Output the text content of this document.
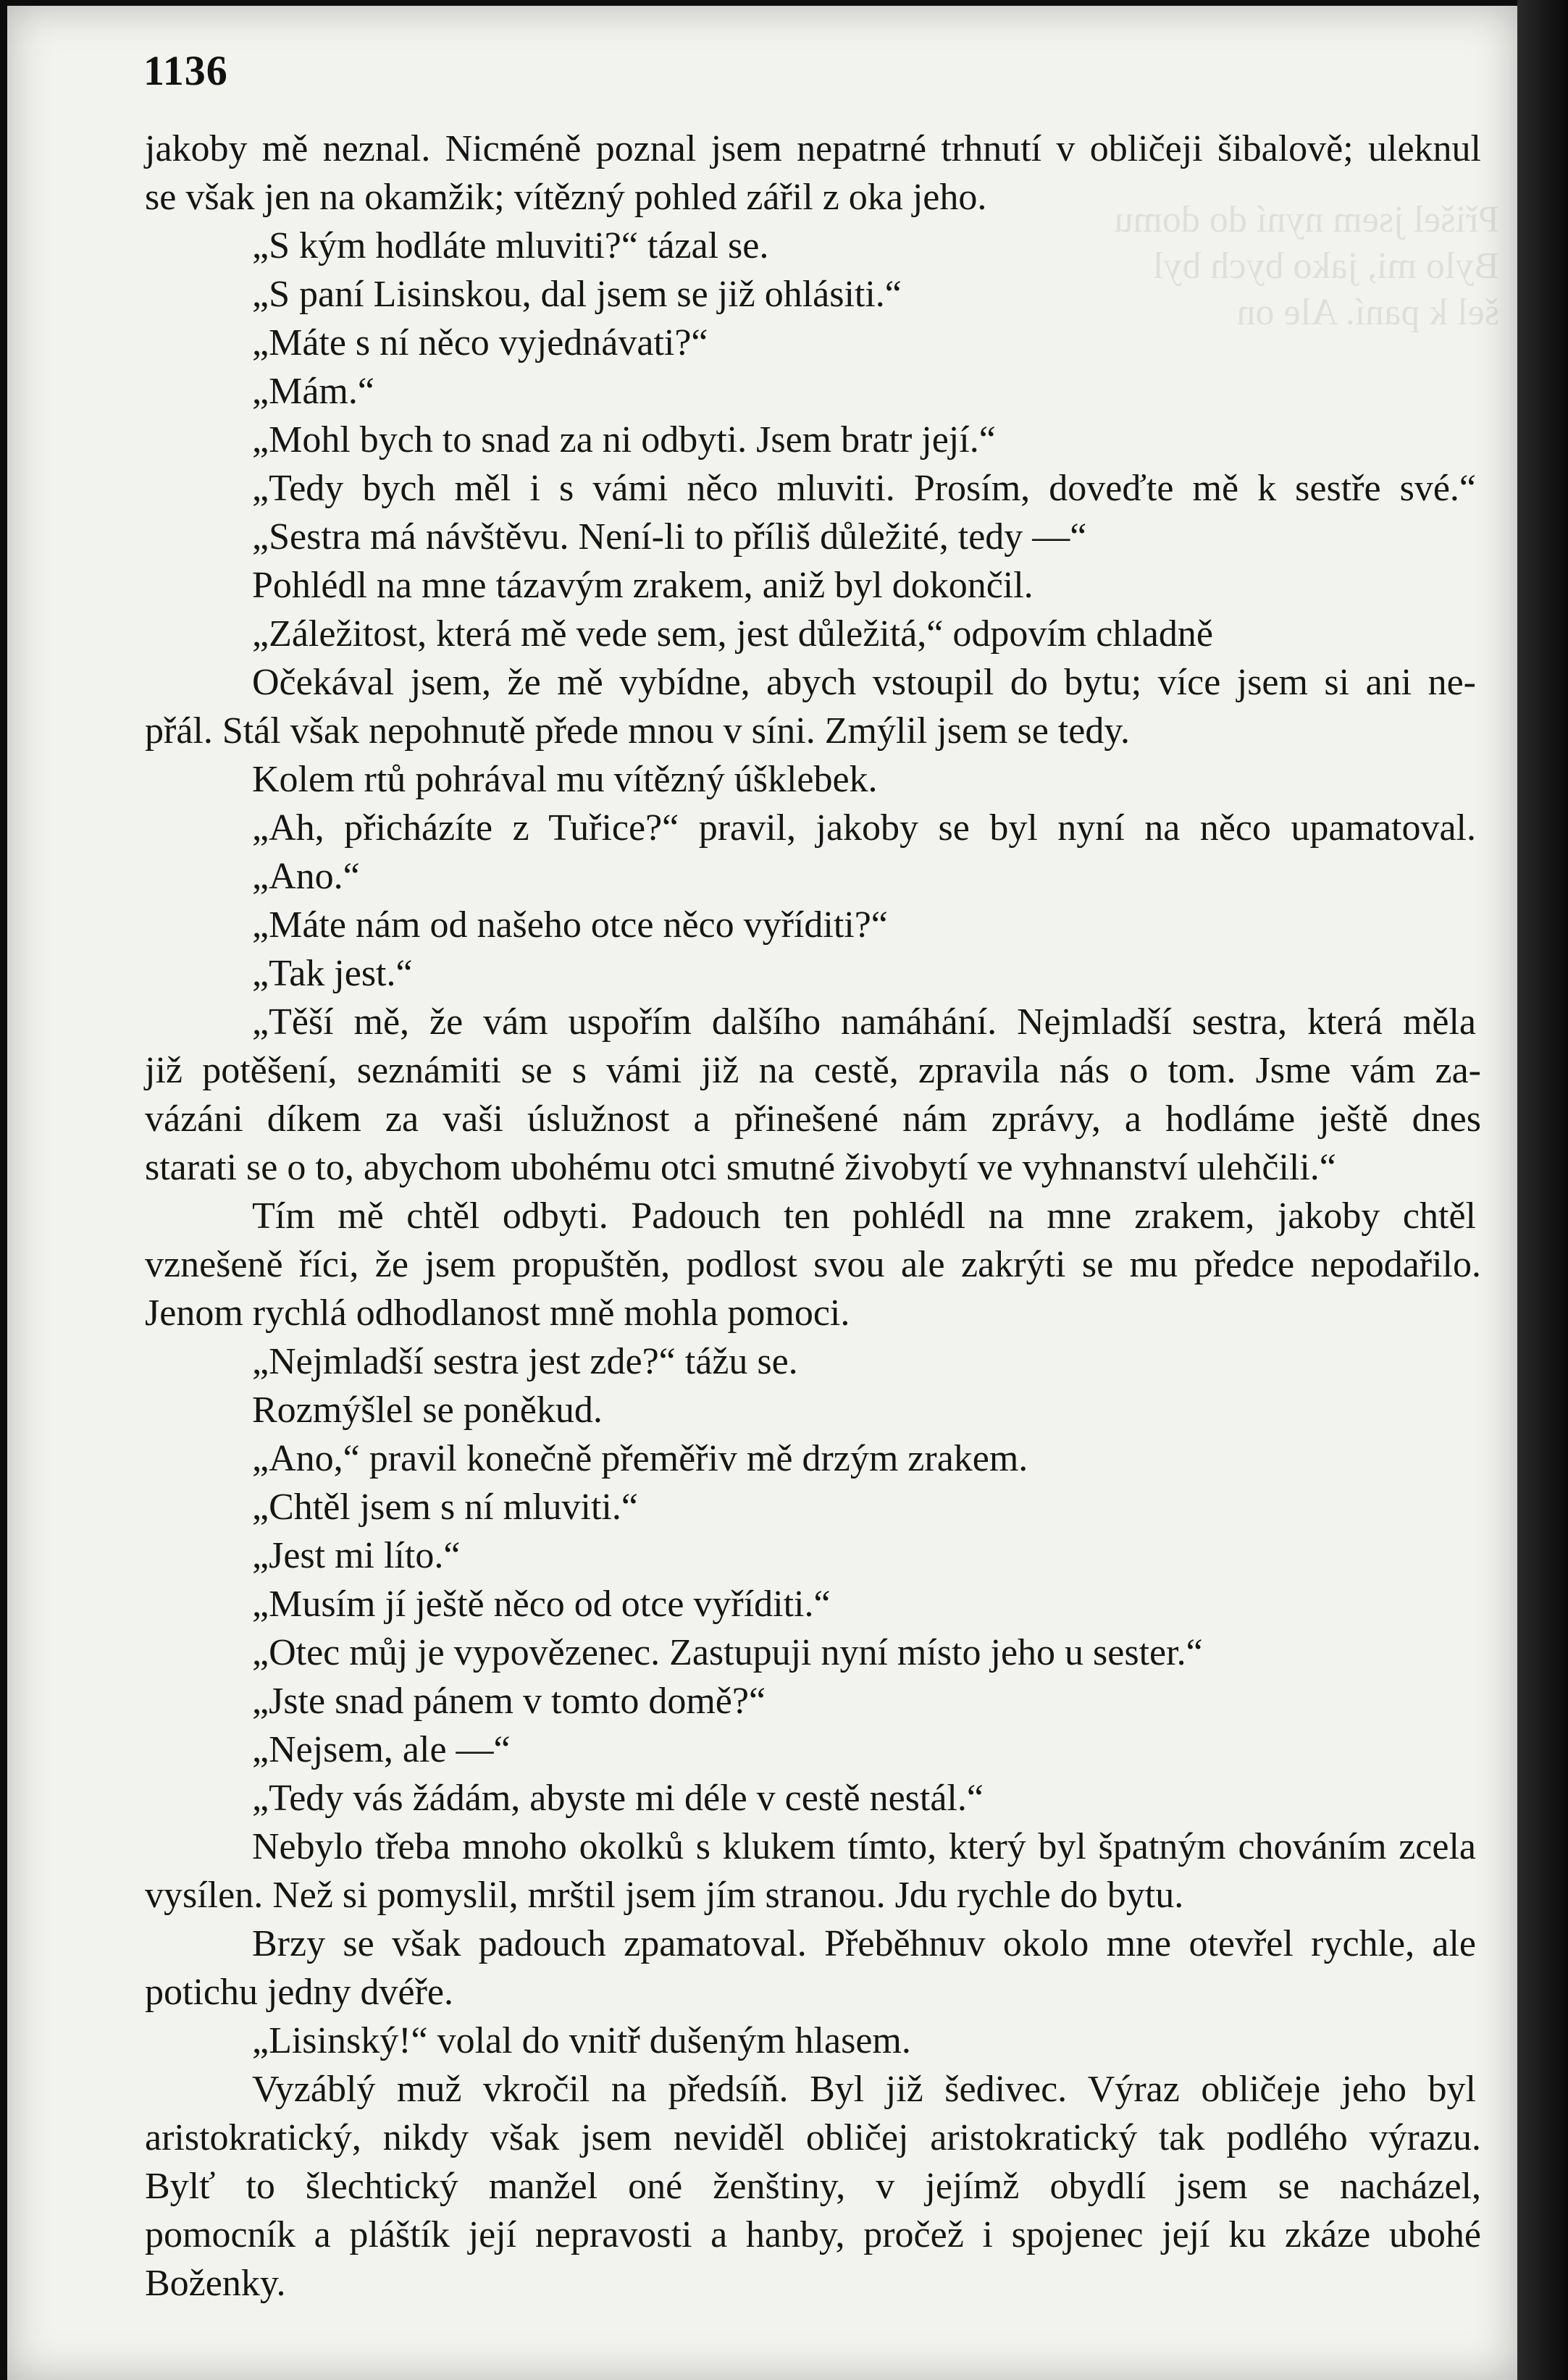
Přišel jsem nyní do domu
Bylo mi, jako bych byl
šel k paní. Ale on

1136
jakoby mě neznal. Nicméně poznal jsem nepatrné trhnutí v obličeji šibalově; uleknul
se však jen na okamžik; vítězný pohled zářil z oka jeho.
„S kým hodláte mluviti?“ tázal se.
„S paní Lisinskou, dal jsem se již ohlásiti.“
„Máte s ní něco vyjednávati?“
„Mám.“
„Mohl bych to snad za ni odbyti. Jsem bratr její.“
„Tedy bych měl i s vámi něco mluviti. Prosím, doveďte mě k sestře své.“
„Sestra má návštěvu. Není-li to příliš důležité, tedy —“
Pohlédl na mne tázavým zrakem, aniž byl dokončil.
„Záležitost, která mě vede sem, jest důležitá,“ odpovím chladně
Očekával jsem, že mě vybídne, abych vstoupil do bytu; více jsem si ani ne-
přál. Stál však nepohnutě přede mnou v síni. Zmýlil jsem se tedy.
Kolem rtů pohrával mu vítězný úšklebek.
„Ah, přicházíte z Tuřice?“ pravil, jakoby se byl nyní na něco upamatoval.
„Ano.“
„Máte nám od našeho otce něco vyříditi?“
„Tak jest.“
„Těší mě, že vám uspořím dalšího namáhání. Nejmladší sestra, která měla
již potěšení, seznámiti se s vámi již na cestě, zpravila nás o tom. Jsme vám za-
vázáni díkem za vaši úslužnost a přinešené nám zprávy, a hodláme ještě dnes
starati se o to, abychom ubohému otci smutné živobytí ve vyhnanství ulehčili.“
Tím mě chtěl odbyti. Padouch ten pohlédl na mne zrakem, jakoby chtěl
vznešeně říci, že jsem propuštěn, podlost svou ale zakrýti se mu předce nepodařilo.
Jenom rychlá odhodlanost mně mohla pomoci.
„Nejmladší sestra jest zde?“ tážu se.
Rozmýšlel se poněkud.
„Ano,“ pravil konečně přeměřiv mě drzým zrakem.
„Chtěl jsem s ní mluviti.“
„Jest mi líto.“
„Musím jí ještě něco od otce vyříditi.“
„Otec můj je vypovězenec. Zastupuji nyní místo jeho u sester.“
„Jste snad pánem v tomto domě?“
„Nejsem, ale —“
„Tedy vás žádám, abyste mi déle v cestě nestál.“
Nebylo třeba mnoho okolků s klukem tímto, který byl špatným chováním zcela
vysílen. Než si pomyslil, mrštil jsem jím stranou. Jdu rychle do bytu.
Brzy se však padouch zpamatoval. Přeběhnuv okolo mne otevřel rychle, ale
potichu jedny dvéře.
„Lisinský!“ volal do vnitř dušeným hlasem.
Vyzáblý muž vkročil na předsíň. Byl již šedivec. Výraz obličeje jeho byl
aristokratický, nikdy však jsem neviděl obličej aristokratický tak podlého výrazu.
Bylť to šlechtický manžel oné ženštiny, v jejímž obydlí jsem se nacházel,
pomocník a pláštík její nepravosti a hanby, pročež i spojenec její ku zkáze ubohé
Boženky.
